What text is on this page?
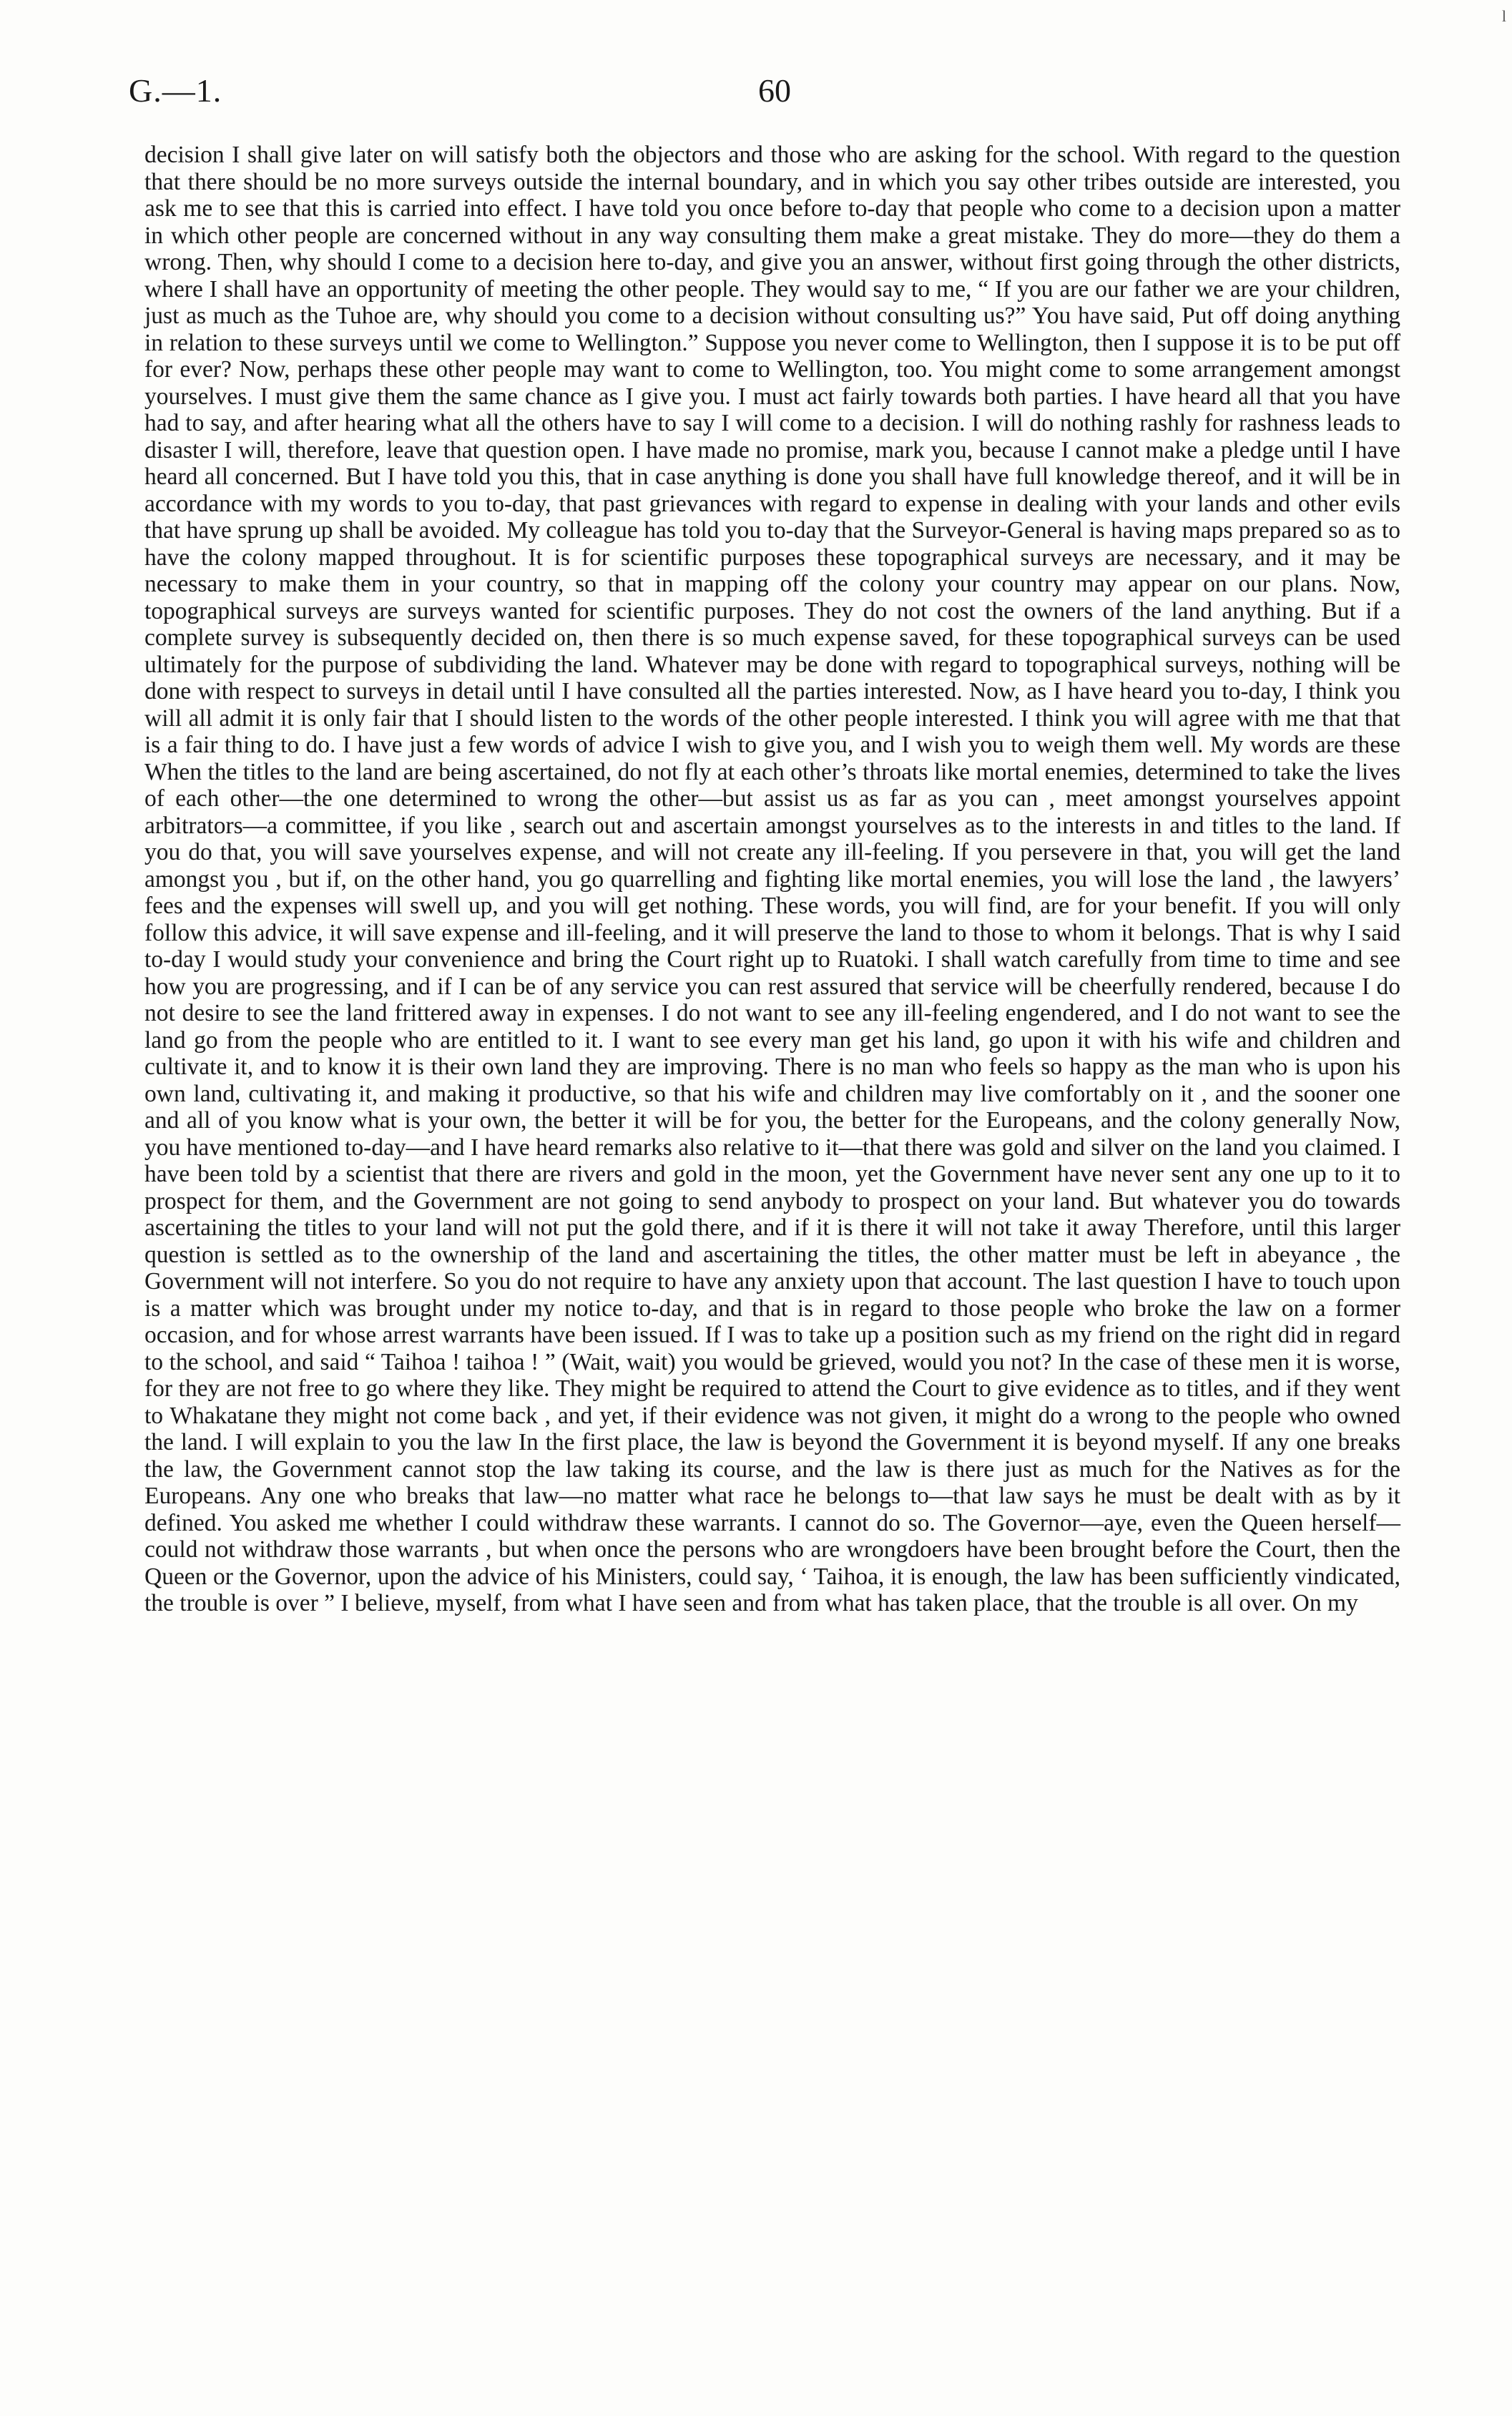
l
G.—1.	60

decision I shall give later on will satisfy both the objectors and those who are asking for the school. With regard to the question that there should be no more surveys outside the internal boundary, and in which you say other tribes outside are interested, you ask me to see that this is carried into effect. I have told you once before to-day that people who come to a decision upon a matter in which other people are concerned without in any way consulting them make a great mistake. They do more—they do them a wrong. Then, why should I come to a decision here to-day, and give you an answer, without first going through the other districts, where I shall have an opportunity of meeting the other people. They would say to me, “ If you are our father we are your children, just as much as the Tuhoe are, why should you come to a decision without consulting us?” You have said, Put off doing anything in relation to these surveys until we come to Wellington.” Suppose you never come to Wellington, then I suppose it is to be put off for ever? Now, perhaps these other people may want to come to Wellington, too. You might come to some arrangement amongst yourselves. I must give them the same chance as I give you. I must act fairly towards both parties. I have heard all that you have had to say, and after hearing what all the others have to say I will come to a decision. I will do nothing rashly for rashness leads to disaster I will, therefore, leave that question open. I have made no promise, mark you, because I cannot make a pledge until I have heard all concerned. But I have told you this, that in case anything is done you shall have full knowledge thereof, and it will be in accordance with my words to you to-day, that past grievances with regard to expense in dealing with your lands and other evils that have sprung up shall be avoided. My colleague has told you to-day that the Surveyor-General is having maps prepared so as to have the colony mapped throughout. It is for scientific purposes these topographical surveys are necessary, and it may be necessary to make them in your country, so that in mapping off the colony your country may appear on our plans. Now, topographical surveys are surveys wanted for scientific purposes. They do not cost the owners of the land anything. But if a complete survey is subsequently decided on, then there is so much expense saved, for these topographical surveys can be used ultimately for the purpose of subdividing the land. Whatever may be done with regard to topographical surveys, nothing will be done with respect to surveys in detail until I have consulted all the parties interested. Now, as I have heard you to-day, I think you will all admit it is only fair that I should listen to the words of the other people interested. I think you will agree with me that that is a fair thing to do. I have just a few words of advice I wish to give you, and I wish you to weigh them well. My words are these When the titles to the land are being ascertained, do not fly at each other’s throats like mortal enemies, determined to take the lives of each other—the one determined to wrong the other—but assist us as far as you can , meet amongst yourselves appoint arbitrators—a committee, if you like , search out and ascertain amongst yourselves as to the interests in and titles to the land. If you do that, you will save yourselves expense, and will not create any ill-feeling. If you persevere in that, you will get the land amongst you , but if, on the other hand, you go quarrelling and fighting like mortal enemies, you will lose the land , the lawyers’ fees and the expenses will swell up, and you will get nothing. These words, you will find, are for your benefit. If you will only follow this advice, it will save expense and ill-feeling, and it will preserve the land to those to whom it belongs. That is why I said to-day I would study your convenience and bring the Court right up to Ruatoki. I shall watch carefully from time to time and see how you are progressing, and if I can be of any service you can rest assured that service will be cheerfully rendered, because I do not desire to see the land frittered away in expenses. I do not want to see any ill-feeling engendered, and I do not want to see the land go from the people who are entitled to it. I want to see every man get his land, go upon it with his wife and children and cultivate it, and to know it is their own land they are improving. There is no man who feels so happy as the man who is upon his own land, cultivating it, and making it productive, so that his wife and children may live comfortably on it , and the sooner one and all of you know what is your own, the better it will be for you, the better for the Europeans, and the colony generally Now, you have mentioned to-day—and I have heard remarks also relative to it—that there was gold and silver on the land you claimed. I have been told by a scientist that there are rivers and gold in the moon, yet the Government have never sent any one up to it to prospect for them, and the Government are not going to send anybody to prospect on your land. But whatever you do towards ascertaining the titles to your land will not put the gold there, and if it is there it will not take it away Therefore, until this larger question is settled as to the ownership of the land and ascertaining the titles, the other matter must be left in abeyance , the Government will not interfere. So you do not require to have any anxiety upon that account. The last question I have to touch upon is a matter which was brought under my notice to-day, and that is in regard to those people who broke the law on a former occasion, and for whose arrest warrants have been issued. If I was to take up a position such as my friend on the right did in regard to the school, and said “ Taihoa ! taihoa ! ” (Wait, wait) you would be grieved, would you not? In the case of these men it is worse, for they are not free to go where they like. They might be required to attend the Court to give evidence as to titles, and if they went to Whakatane they might not come back , and yet, if their evidence was not given, it might do a wrong to the people who owned the land. I will explain to you the law In the first place, the law is beyond the Government it is beyond myself. If any one breaks the law, the Government cannot stop the law taking its course, and the law is there just as much for the Natives as for the Europeans. Any one who breaks that law—no matter what race he belongs to—that law says he must be dealt with as by it defined. You asked me whether I could withdraw these warrants. I cannot do so. The Governor—aye, even the Queen herself—could not withdraw those warrants , but when once the persons who are wrongdoers have been brought before the Court, then the Queen or the Governor, upon the advice of his Ministers, could say, ‘ Taihoa, it is enough, the law has been sufficiently vindicated, the trouble is over ” I believe, myself, from what I have seen and from what has taken place, that the trouble is all over. On my
